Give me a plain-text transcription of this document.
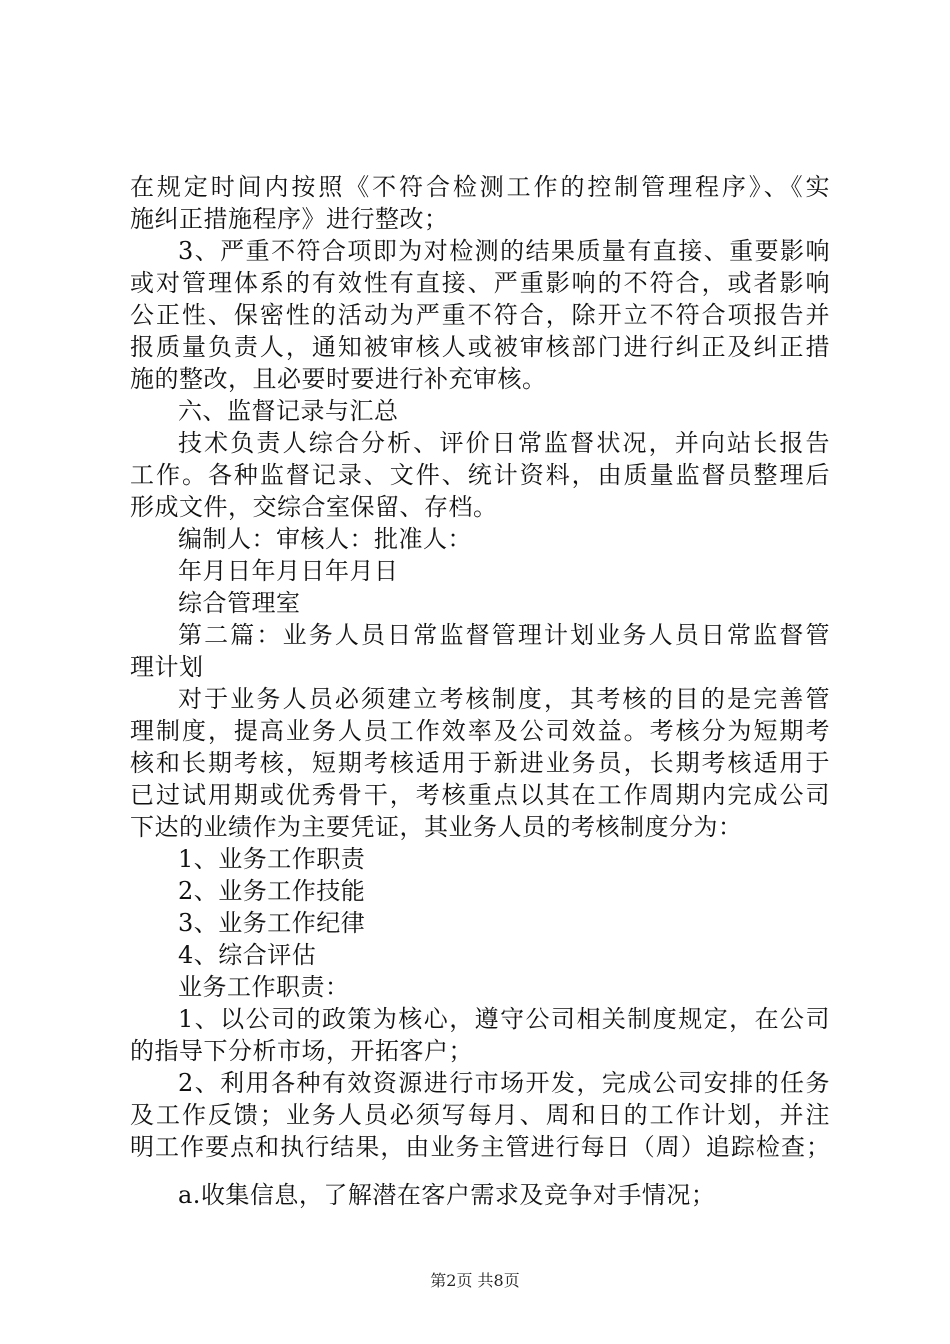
在规定时间内按照《不符合检测工作的控制管理程序》、《实

施纠正措施程序》进行整改；

3、严重不符合项即为对检测的结果质量有直接、重要影响

或对管理体系的有效性有直接、严重影响的不符合，或者影响

公正性、保密性的活动为严重不符合，除开立不符合项报告并

报质量负责人，通知被审核人或被审核部门进行纠正及纠正措

施的整改，且必要时要进行补充审核。

六、监督记录与汇总

技术负责人综合分析、评价日常监督状况，并向站长报告

工作。各种监督记录、文件、统计资料，由质量监督员整理后

形成文件，交综合室保留、存档。

编制人：审核人：批准人：

年月日年月日年月日

综合管理室

第二篇：业务人员日常监督管理计划业务人员日常监督管

理计划

对于业务人员必须建立考核制度，其考核的目的是完善管

理制度，提高业务人员工作效率及公司效益。考核分为短期考

核和长期考核，短期考核适用于新进业务员，长期考核适用于

已过试用期或优秀骨干，考核重点以其在工作周期内完成公司

下达的业绩作为主要凭证，其业务人员的考核制度分为：

1、业务工作职责

2、业务工作技能

3、业务工作纪律

4、综合评估

业务工作职责：

1、以公司的政策为核心，遵守公司相关制度规定，在公司

的指导下分析市场，开拓客户；

2、利用各种有效资源进行市场开发，完成公司安排的任务

及工作反馈；业务人员必须写每月、周和日的工作计划，并注

明工作要点和执行结果，由业务主管进行每日（周）追踪检查；

a.收集信息，了解潜在客户需求及竞争对手情况；

第2页 共8页
